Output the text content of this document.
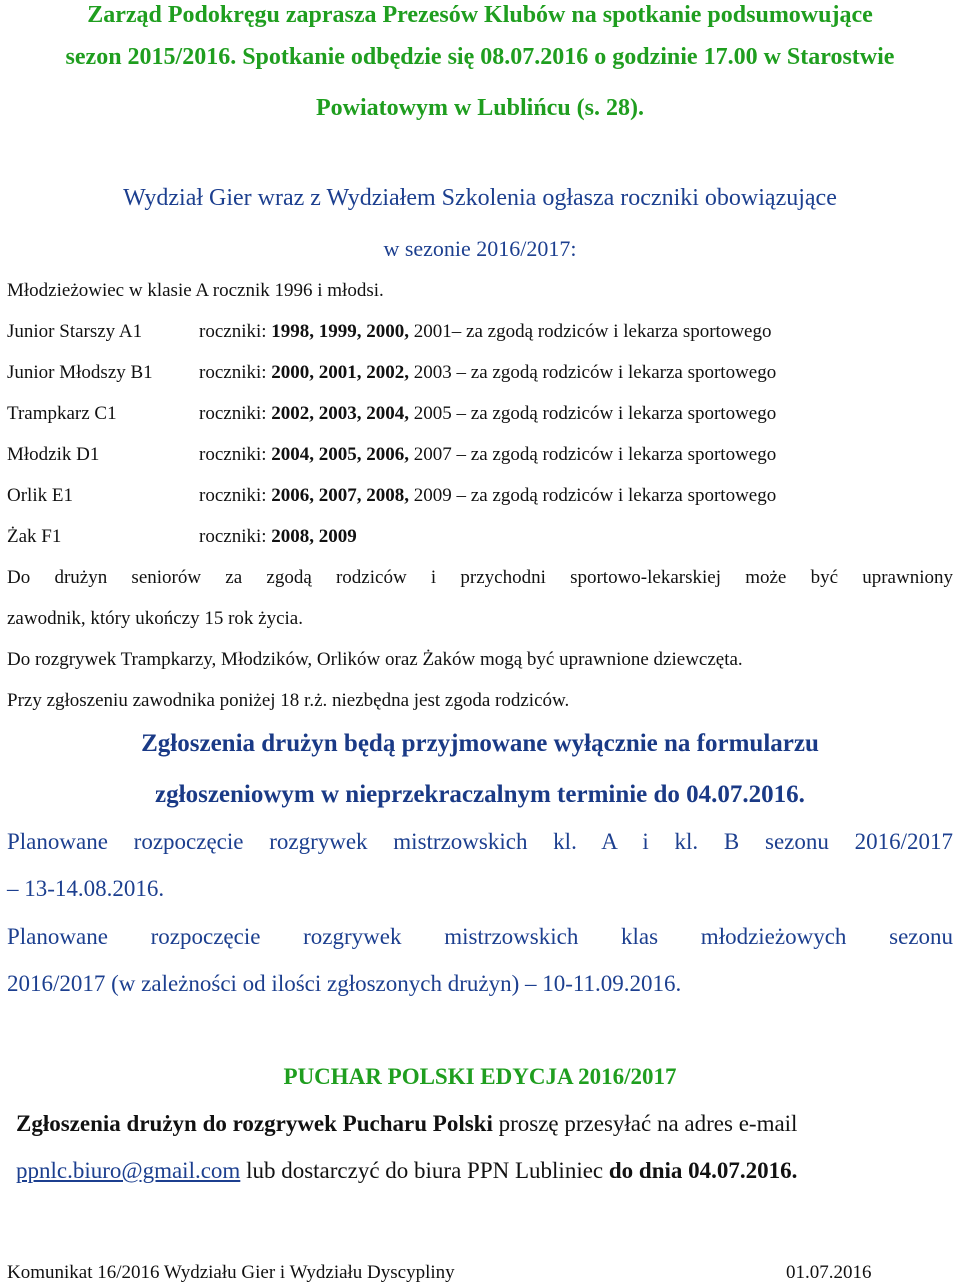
Zarząd Podokręgu zaprasza Prezesów Klubów na spotkanie podsumowujące
sezon 2015/2016. Spotkanie odbędzie się 08.07.2016 o godzinie 17.00 w Starostwie
Powiatowym w Lublińcu (s. 28).
Wydział Gier wraz z Wydziałem Szkolenia ogłasza roczniki obowiązujące
w sezonie 2016/2017:
Młodzieżowiec w klasie A rocznik 1996 i młodsi.
Junior Starszy A1	roczniki: 1998, 1999, 2000, 2001– za zgodą rodziców i lekarza sportowego
Junior Młodszy B1 roczniki: 2000, 2001, 2002, 2003 – za zgodą rodziców i lekarza sportowego
Trampkarz C1	roczniki: 2002, 2003, 2004, 2005 – za zgodą rodziców i lekarza sportowego
Młodzik D1	roczniki: 2004, 2005, 2006, 2007 – za zgodą rodziców i lekarza sportowego
Orlik E1	roczniki: 2006, 2007, 2008, 2009 – za zgodą rodziców i lekarza sportowego
Żak F1	roczniki: 2008, 2009
Do drużyn seniorów za zgodą rodziców i przychodni sportowo-lekarskiej może być uprawniony
zawodnik, który ukończy 15 rok życia.
Do rozgrywek Trampkarzy, Młodzików, Orlików oraz Żaków mogą być uprawnione dziewczęta.
Przy zgłoszeniu zawodnika poniżej 18 r.ż. niezbędna jest zgoda rodziców.
Zgłoszenia drużyn będą przyjmowane wyłącznie na formularzu
zgłoszeniowym w nieprzekraczalnym terminie do 04.07.2016.
Planowane rozpoczęcie rozgrywek mistrzowskich kl. A i kl. B sezonu 2016/2017
– 13-14.08.2016.
Planowane rozpoczęcie rozgrywek mistrzowskich klas młodzieżowych sezonu
2016/2017 (w zależności od ilości zgłoszonych drużyn) – 10-11.09.2016.
PUCHAR POLSKI EDYCJA 2016/2017
Zgłoszenia drużyn do rozgrywek Pucharu Polski proszę przesyłać na adres e-mail
ppnlc.biuro@gmail.com lub dostarczyć do biura PPN Lubliniec do dnia 04.07.2016.
Komunikat 16/2016 Wydziału Gier i Wydziału Dyscypliny	01.07.2016
